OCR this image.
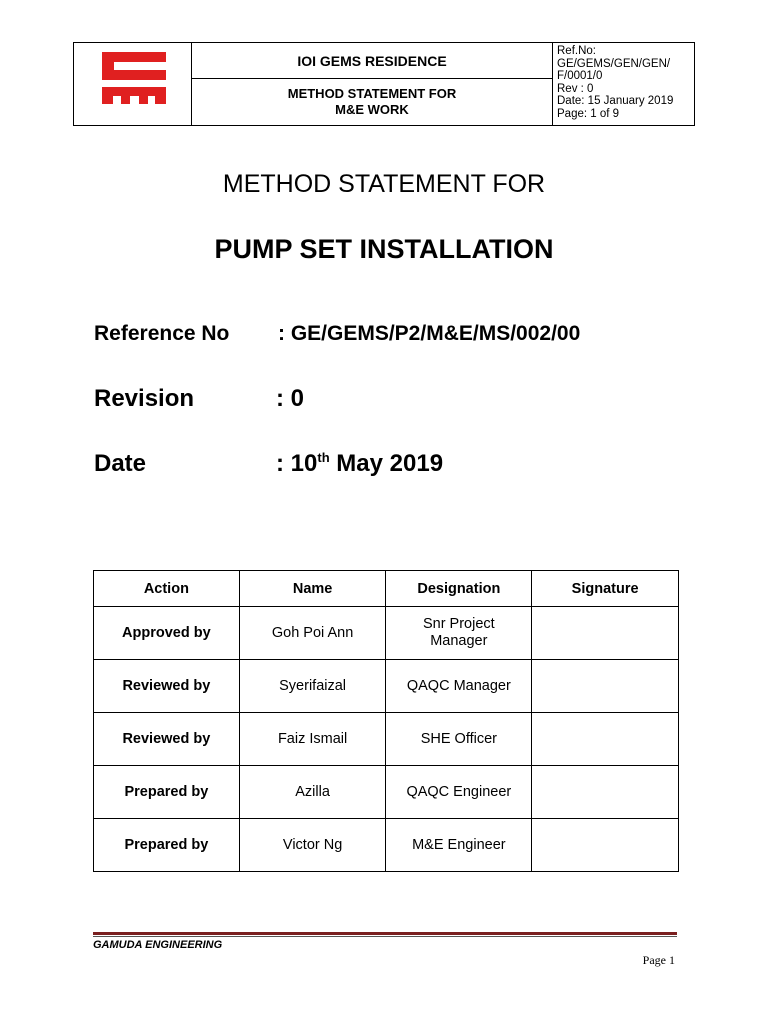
IOI GEMS RESIDENCE
METHOD STATEMENT FOR
M&E WORK
Ref.No:
GE/GEMS/GEN/GEN/
F/0001/0
Rev : 0
Date: 15 January 2019
Page: 1 of 9
METHOD STATEMENT FOR
PUMP SET INSTALLATION
Reference No : GE/GEMS/P2/M&E/MS/002/00
Revision	: 0
Date	: 10th May 2019
Action	Name	Designation	Signature
Approved by	Goh Poi Ann	Snr Project
Manager	
Reviewed by	Syerifaizal	QAQC Manager	
Reviewed by	Faiz Ismail	SHE Officer	
Prepared by	Azilla	QAQC Engineer	
Prepared by	Victor Ng	M&E Engineer	
GAMUDA ENGINEERING
Page 1
